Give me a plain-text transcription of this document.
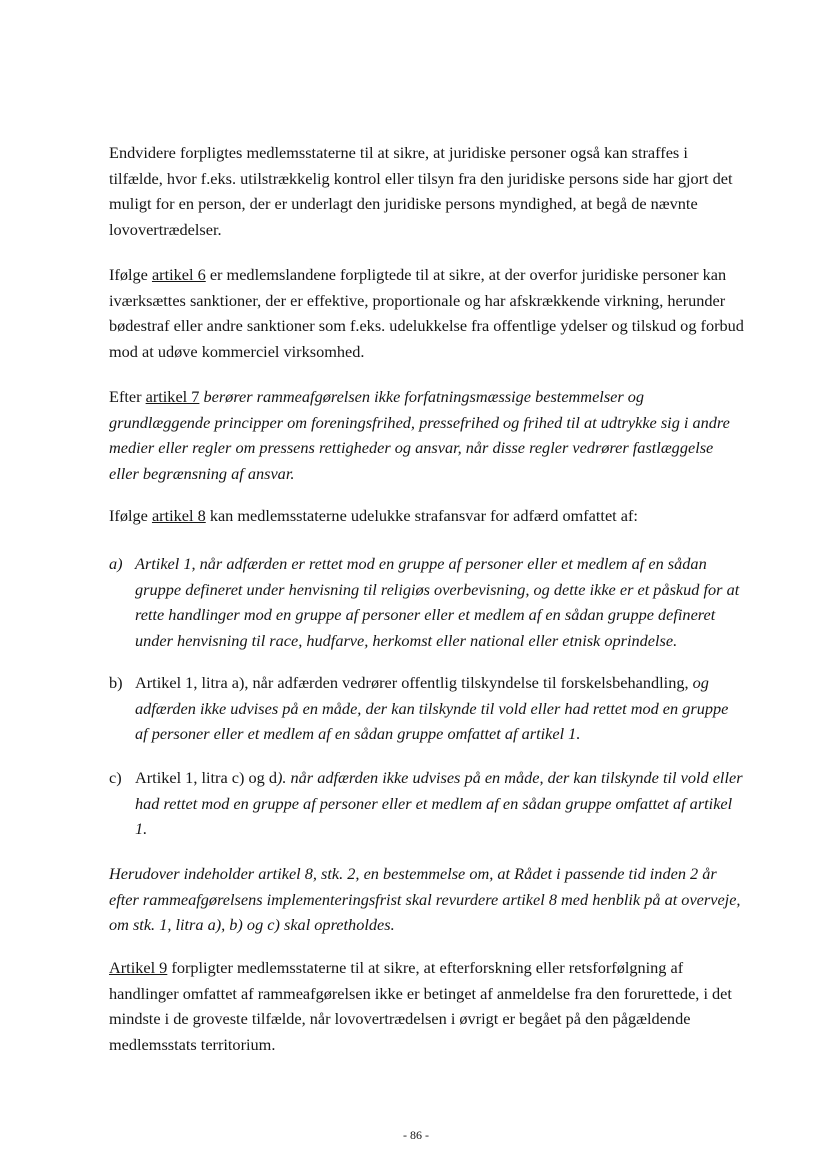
Endvidere forpligtes medlemsstaterne til at sikre, at juridiske personer også kan straffes i tilfælde, hvor f.eks. utilstrækkelig kontrol eller tilsyn fra den juridiske persons side har gjort det muligt for en person, der er underlagt den juridiske persons myndighed, at begå de nævnte lovovertrædelser.

Ifølge artikel 6 er medlemslandene forpligtede til at sikre, at der overfor juridiske personer kan iværksættes sanktioner, der er effektive, proportionale og har afskrækkende virkning, herunder bødestraf eller andre sanktioner som f.eks. udelukkelse fra offentlige ydelser og tilskud og forbud mod at udøve kommerciel virksomhed.

Efter artikel 7 berører rammeafgørelsen ikke forfatningsmæssige bestemmelser og grundlæggende principper om foreningsfrihed, pressefrihed og frihed til at udtrykke sig i andre medier eller regler om pressens rettigheder og ansvar, når disse regler vedrører fastlæggelse eller begrænsning af ansvar.

Ifølge artikel 8 kan medlemsstaterne udelukke strafansvar for adfærd omfattet af:

a) Artikel 1, når adfærden er rettet mod en gruppe af personer eller et medlem af en sådan gruppe defineret under henvisning til religiøs overbevisning, og dette ikke er et påskud for at rette handlinger mod en gruppe af personer eller et medlem af en sådan gruppe defineret under henvisning til race, hudfarve, herkomst eller national eller etnisk oprindelse.
b) Artikel 1, litra a), når adfærden vedrører offentlig tilskyndelse til forskelsbehandling, og adfærden ikke udvises på en måde, der kan tilskynde til vold eller had rettet mod en gruppe af personer eller et medlem af en sådan gruppe omfattet af artikel 1.
c) Artikel 1, litra c) og d). når adfærden ikke udvises på en måde, der kan tilskynde til vold eller had rettet mod en gruppe af personer eller et medlem af en sådan gruppe omfattet af artikel 1.

Herudover indeholder artikel 8, stk. 2, en bestemmelse om, at Rådet i passende tid inden 2 år efter rammeafgørelsens implementeringsfrist skal revurdere artikel 8 med henblik på at overveje, om stk. 1, litra a), b) og c) skal opretholdes.

Artikel 9 forpligter medlemsstaterne til at sikre, at efterforskning eller retsforfølgning af handlinger omfattet af rammeafgørelsen ikke er betinget af anmeldelse fra den forurettede, i det mindste i de groveste tilfælde, når lovovertrædelsen i øvrigt er begået på den pågældende medlemsstats territorium.

- 86 -
